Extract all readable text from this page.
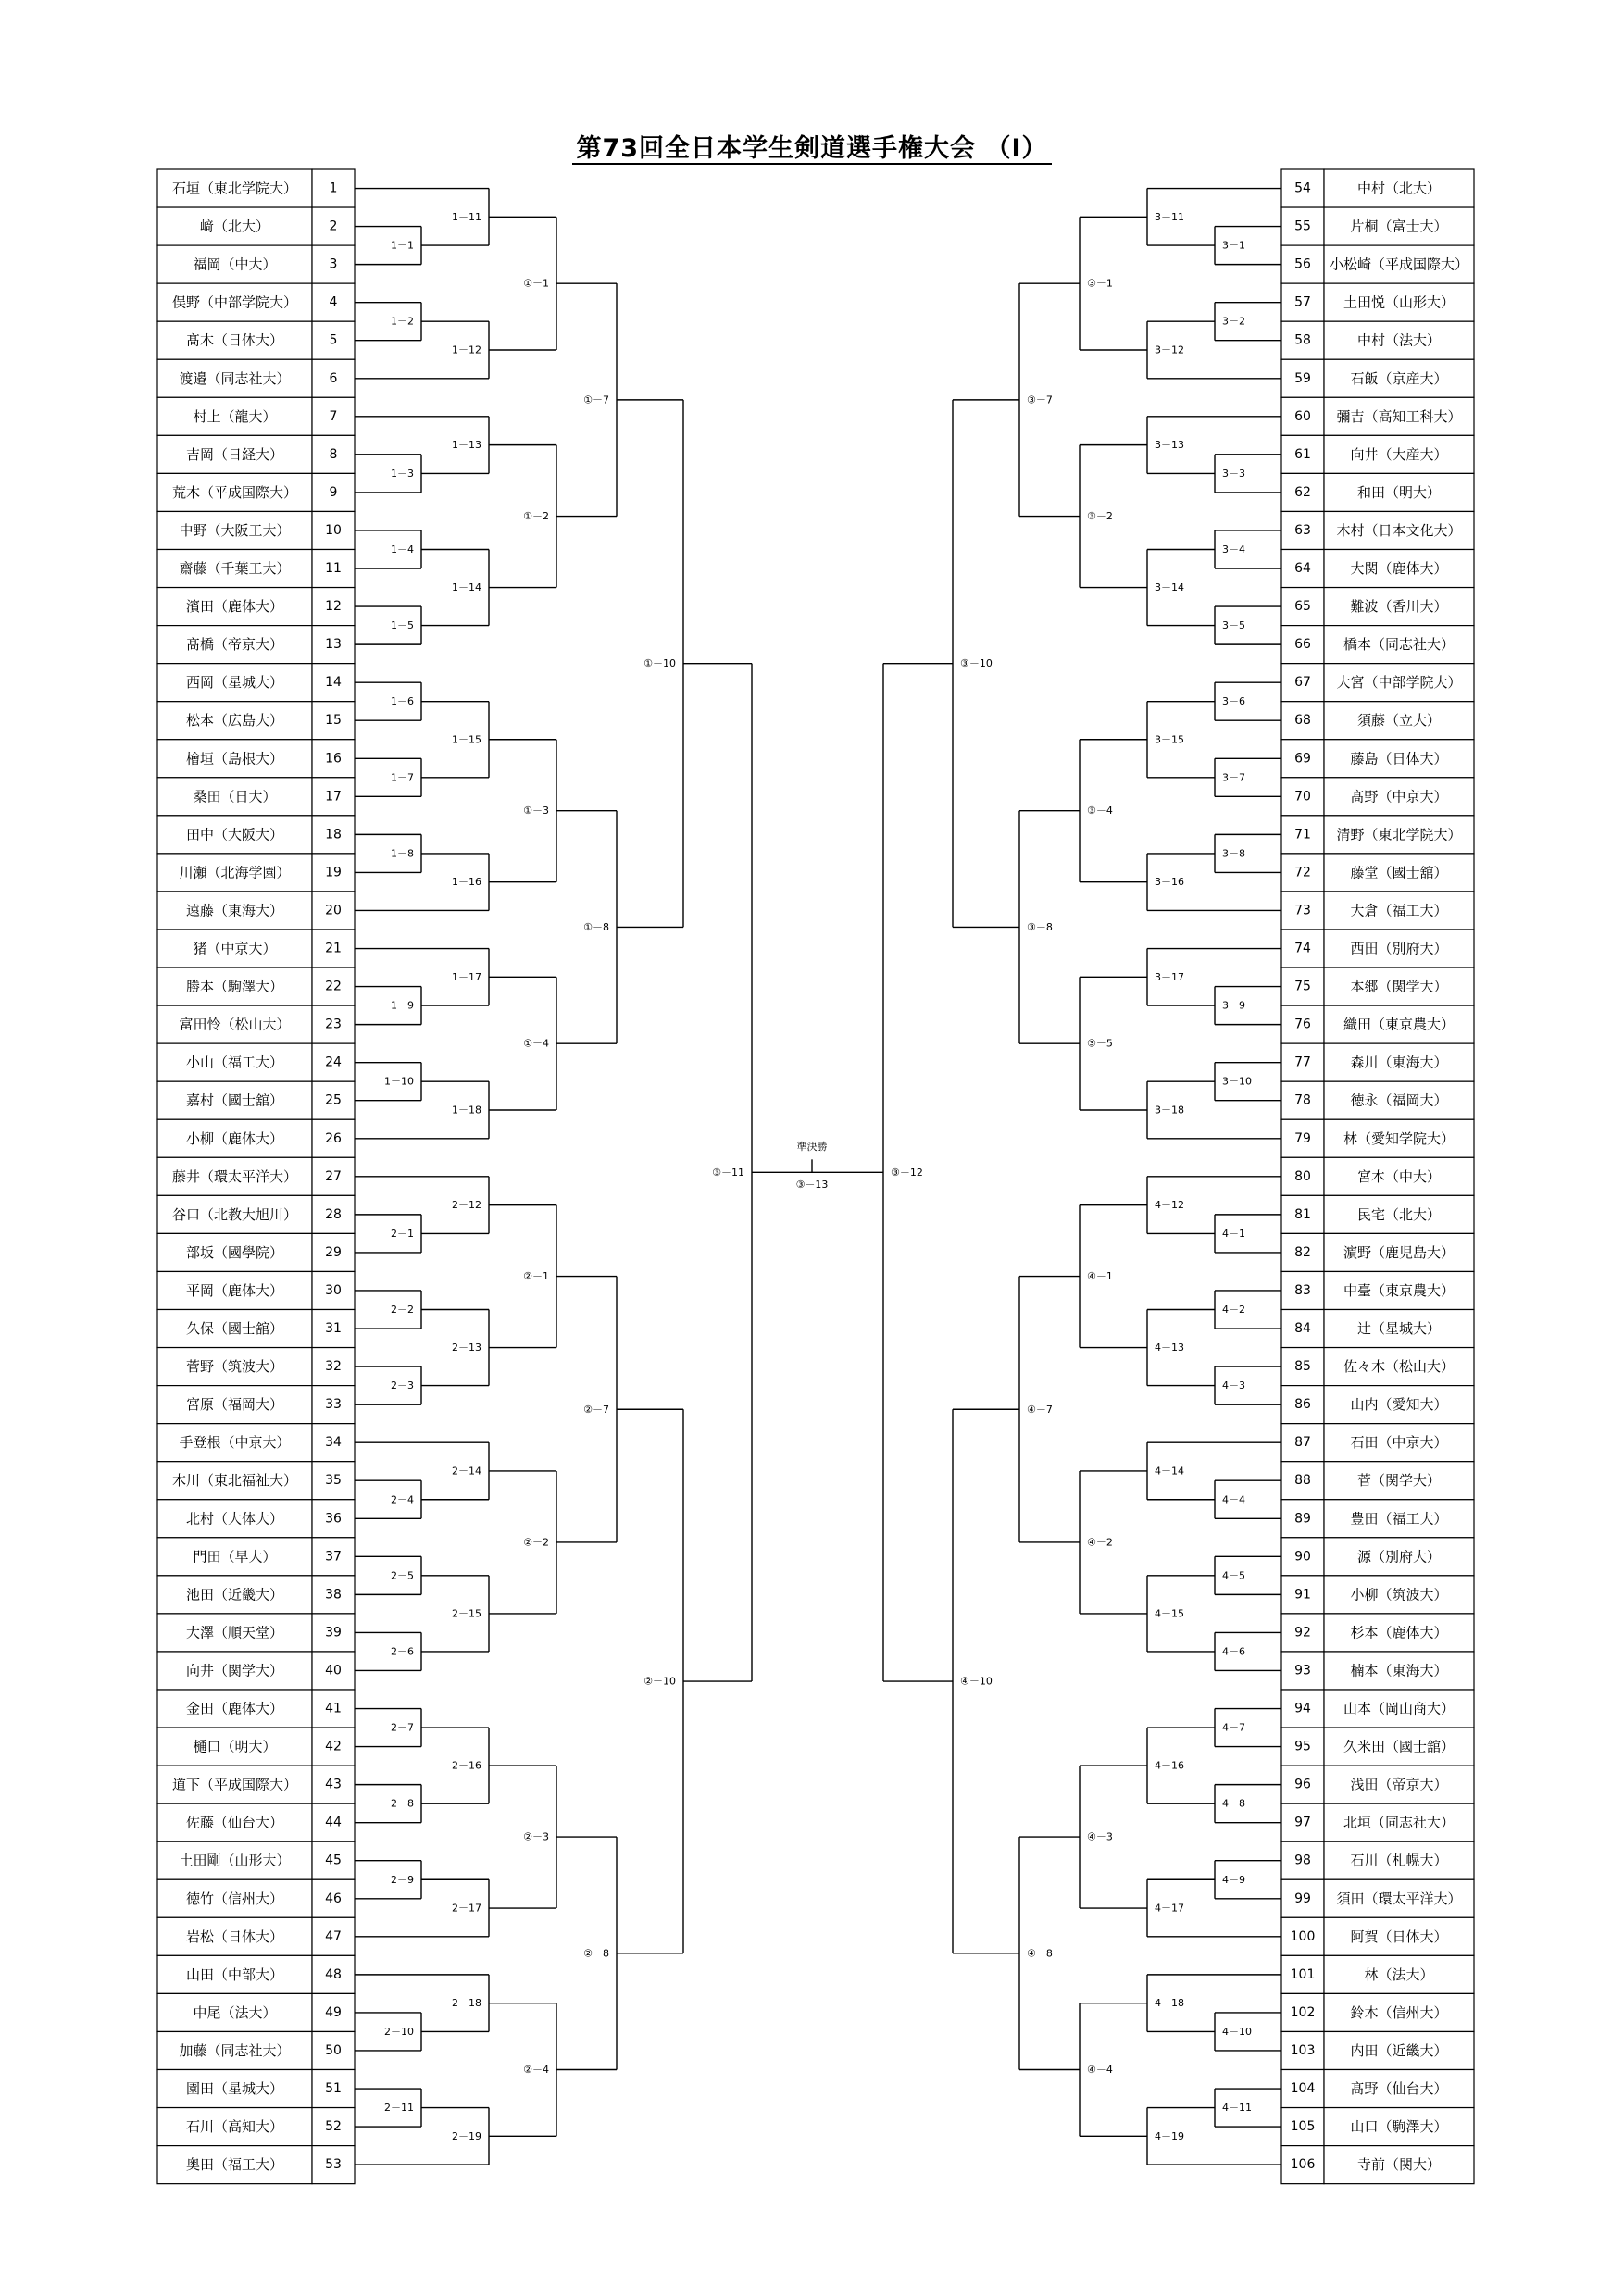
第73回全日本学生剣道選手権大会 （Ⅰ）
石垣（東北学院大） 1
﨑（北大）	2
福岡（中大）	3
俣野（中部学院大） 4
髙木（日体大）	5
渡邉（同志社大）	6
村上（龍大）	7
吉岡（日経大）	8
荒木（平成国際大） 9
中野（大阪工大）	10
齋藤（千葉工大）	11
濱田（鹿体大）	12
髙橋（帝京大）	13
西岡（星城大）	14
松本（広島大）	15
檜垣（島根大）	16
桑田（日大）	17
田中（大阪大）	18
川瀬（北海学園）	19
遠藤（東海大）	20
猪（中京大）	21
勝本（駒澤大）	22
富田怜（松山大）	23
小山（福工大）	24
嘉村（國士舘）	25
小柳（鹿体大）	26
藤井（環太平洋大） 27
谷口（北教大旭川） 28
部坂（國學院）	29
平岡（鹿体大）	30
久保（國士舘）	31
菅野（筑波大）	32
宮原（福岡大）	33
手登根（中京大）	34
木川（東北福祉大） 35
北村（大体大）	36
門田（早大）	37
池田（近畿大）	38
大澤（順天堂）	39
向井（関学大）	40
金田（鹿体大）	41
樋口（明大）	42
道下（平成国際大） 43
佐藤（仙台大）	44
土田剛（山形大）	45
徳竹（信州大）	46
岩松（日体大）	47
山田（中部大）	48
中尾（法大）	49
加藤（同志社大）	50
園田（星城大）	51
石川（高知大）	52
奥田（福工大）	53
54	中村（北大）
55	片桐（富士大）
56 小松崎（平成国際大）
57 土田悦（山形大）
58	中村（法大）
59	石飯（京産大）
60 彌吉（高知工科大）
61	向井（大産大）
62	和田（明大）
63 木村（日本文化大）
64	大関（鹿体大）
65	難波（香川大）
66 橋本（同志社大）
67 大宮（中部学院大）
68	須藤（立大）
69	藤島（日体大）
70	髙野（中京大）
71 清野（東北学院大）
72	藤堂（國士舘）
73	大倉（福工大）
74	西田（別府大）
75	本郷（関学大）
76 織田（東京農大）
77	森川（東海大）
78	徳永（福岡大）
79 林（愛知学院大）
80	宮本（中大）
81	民宅（北大）
82 濵野（鹿児島大）
83 中臺（東京農大）
84	辻（星城大）
85 佐々木（松山大）
86	山内（愛知大）
87	石田（中京大）
88	菅（関学大）
89	豊田（福工大）
90	源（別府大）
91	小柳（筑波大）
92	杉本（鹿体大）
93	楠本（東海大）
94 山本（岡山商大）
95 久米田（國士舘）
96	浅田（帝京大）
97 北垣（同志社大）
98	石川（札幌大）
99 須田（環太平洋大）
100	阿賀（日体大）
101	林（法大）
102	鈴木（信州大）
103	内田（近畿大）
104	髙野（仙台大）
105	山口（駒澤大）
106	寺前（関大）
1－1
1－11
1－2
1－12
①－1
1－3
1－13
1－4
1－5
1－14
①－2
①－7
1－6
1－7
1－15
1－8
1－16
①－3
1－9
1－17
1－10
1－18
①－4
①－8
①－10
2－1
2－12
2－2
2－3
2－13
②－1
2－4
2－14
2－5
2－6
2－15
②－2
②－7
2－7
2－8
2－16
2－9
2－17
②－3
2－10
2－18
2－11
2－19
②－4
②－8
②－10
3－1
3－11
3－2
3－12
③－1
3－3
3－13
3－4
3－5
3－14
③－2
③－7
3－6
3－7
3－15
3－8
3－16
③－4
3－9
3－17
3－10
3－18
③－5
③－8
③－10
4－1
4－12
4－2
4－3
4－13
④－1
4－4
4－14
4－5
4－6
4－15
④－2
④－7
4－7
4－8
4－16
4－9
4－17
④－3
4－10
4－18
4－11
4－19
④－4
④－8
④－10
③－11	③－12
準決勝
③－13
